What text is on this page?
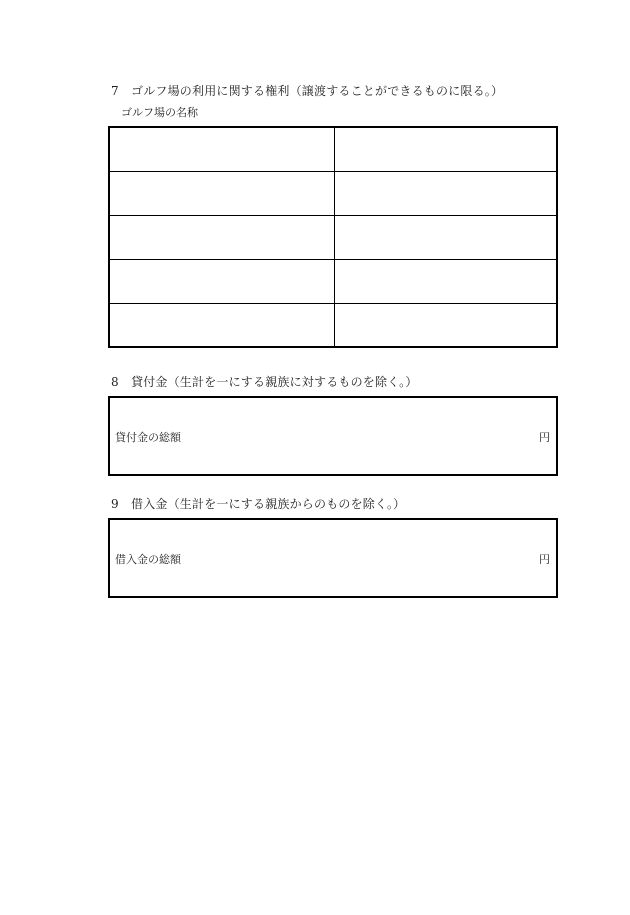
7 ゴルフ場の利用に関する権利（譲渡することができるものに限る。）
ゴルフ場の名称

8 貸付金（生計を一にする親族に対するものを除く。）
貸付金の総額	円
9 借入金（生計を一にする親族からのものを除く。）
借入金の総額	円
